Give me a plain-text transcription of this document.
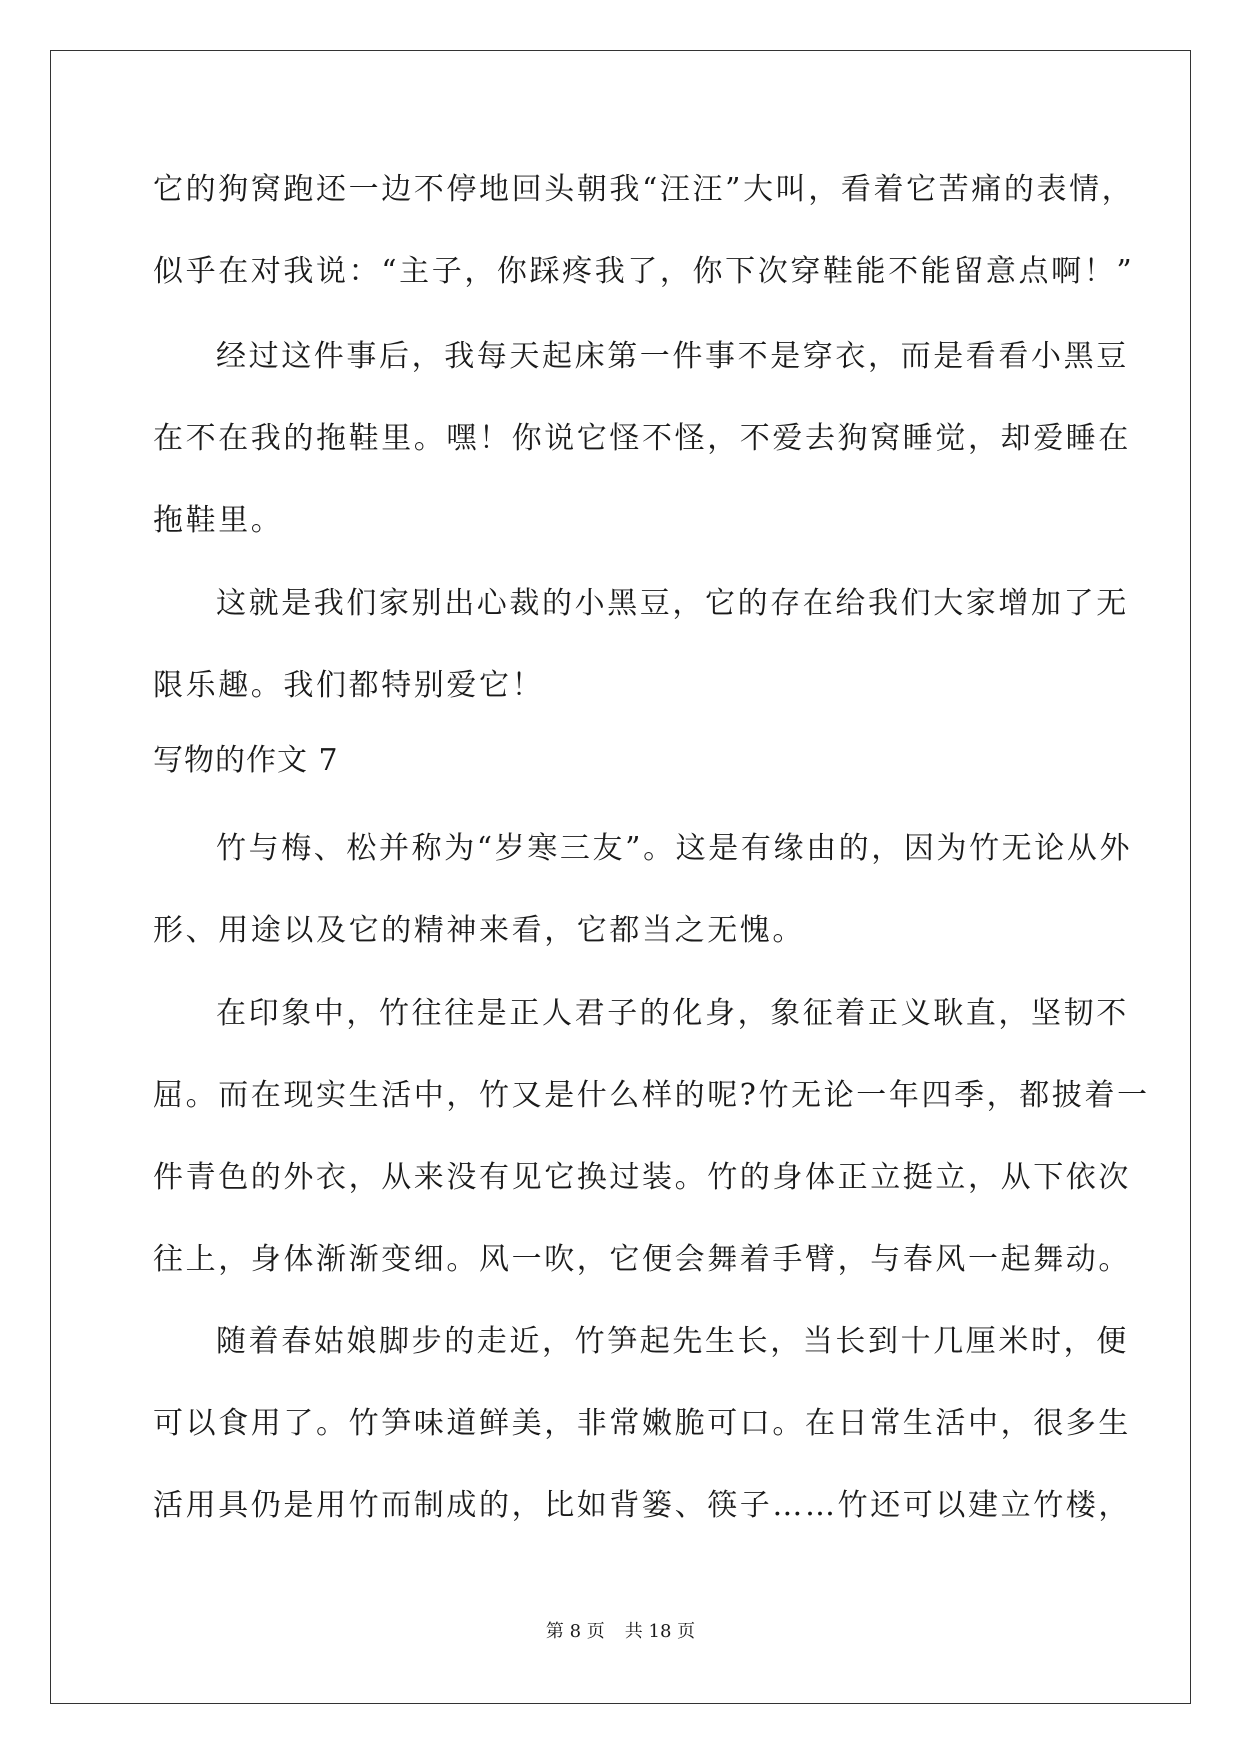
它的狗窝跑还一边不停地回头朝我“汪汪”大叫，看着它苦痛的表情，
似乎在对我说：“主子，你踩疼我了，你下次穿鞋能不能留意点啊！”
经过这件事后，我每天起床第一件事不是穿衣，而是看看小黑豆
在不在我的拖鞋里。嘿！你说它怪不怪，不爱去狗窝睡觉，却爱睡在
拖鞋里。
这就是我们家别出心裁的小黑豆，它的存在给我们大家增加了无
限乐趣。我们都特别爱它！
写物的作文 7
竹与梅、松并称为“岁寒三友”。这是有缘由的，因为竹无论从外
形、用途以及它的精神来看，它都当之无愧。
在印象中，竹往往是正人君子的化身，象征着正义耿直，坚韧不
屈。而在现实生活中，竹又是什么样的呢?竹无论一年四季，都披着一
件青色的外衣，从来没有见它换过装。竹的身体正立挺立，从下依次
往上，身体渐渐变细。风一吹，它便会舞着手臂，与春风一起舞动。
随着春姑娘脚步的走近，竹笋起先生长，当长到十几厘米时，便
可以食用了。竹笋味道鲜美，非常嫩脆可口。在日常生活中，很多生
活用具仍是用竹而制成的，比如背篓、筷子……竹还可以建立竹楼，
第 8 页 共 18 页
